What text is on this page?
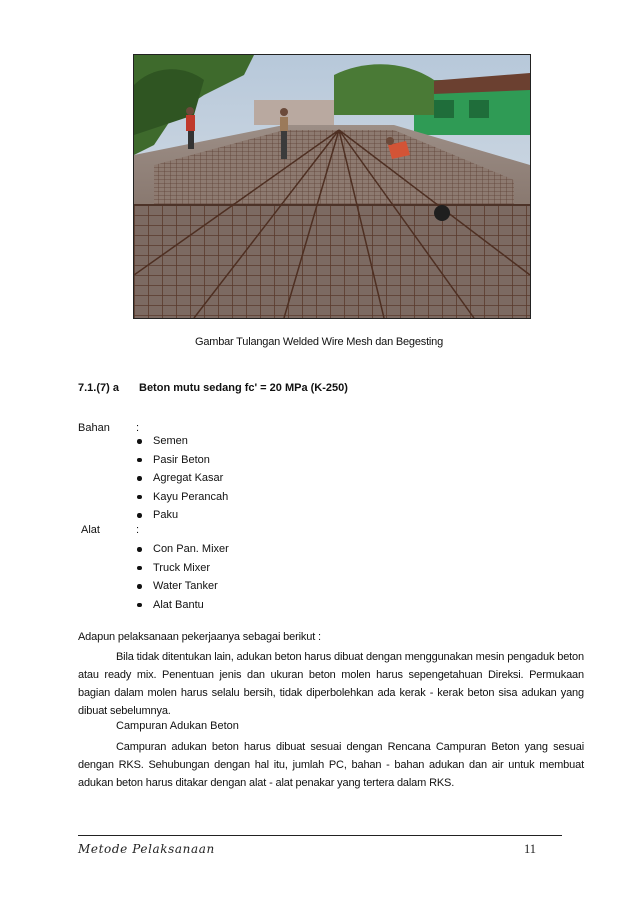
Gambar Tulangan Welded Wire Mesh dan Begesting
7.1.(7) a Beton mutu sedang fc' = 20 MPa (K-250)
Bahan :
Semen
Pasir Beton
Agregat Kasar
Kayu Perancah
Paku
Alat	:
Con Pan. Mixer
Truck Mixer
Water Tanker
Alat Bantu
Adapun pelaksanaan pekerjaanya sebagai berikut :
Bila tidak ditentukan lain, adukan beton harus dibuat dengan menggunakan mesin pengaduk beton atau ready mix. Penentuan jenis dan ukuran beton molen harus sepengetahuan Direksi. Permukaan bagian dalam molen harus selalu bersih, tidak diperbolehkan ada kerak - kerak beton sisa adukan yang dibuat sebelumnya.
Campuran Adukan Beton
Campuran adukan beton harus dibuat sesuai dengan Rencana Campuran Beton yang sesuai dengan RKS. Sehubungan dengan hal itu, jumlah PC, bahan - bahan adukan dan air untuk membuat adukan beton harus ditakar dengan alat - alat penakar yang tertera dalam RKS.
Metode Pelaksanaan	11
